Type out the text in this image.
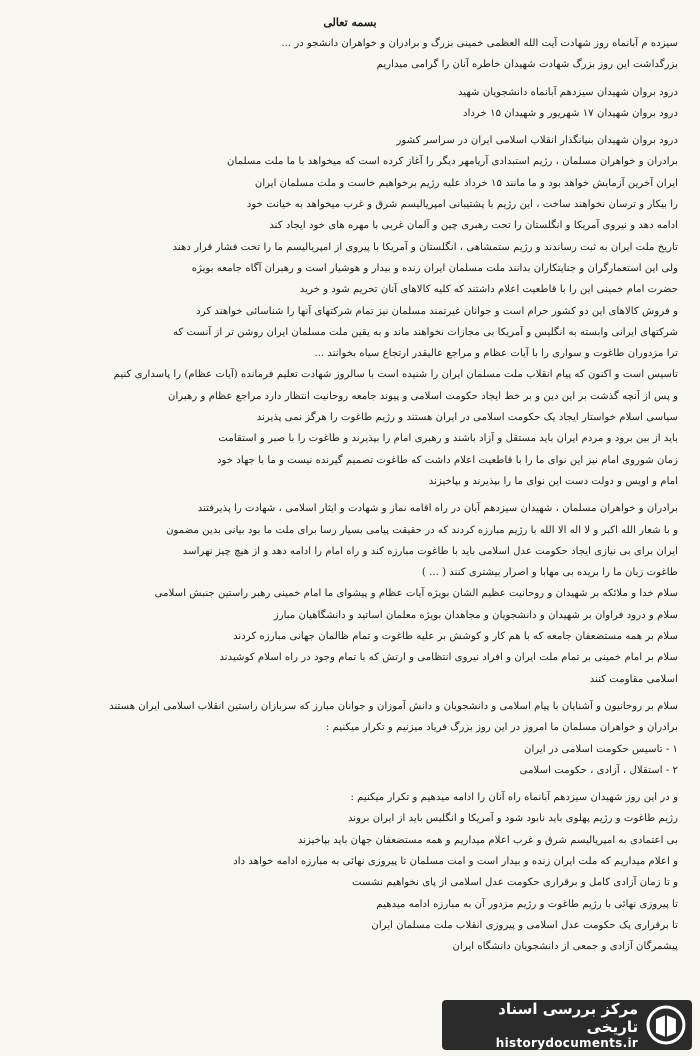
بسمه تعالی
سیزده م آبانماه روز شهادت آیت الله العظمی خمینی بزرگ و برادران و خواهران دانشجو در ...
بزرگداشت این روز بزرگ شهادت شهیدان خاطره آنان را گرامی میداریم
درود بروان شهیدان سیزدهم آبانماه دانشجویان شهید
درود بروان شهیدان ۱۷ شهریور و شهیدان ۱۵ خرداد
درود بروان شهیدان بنیانگذار انقلاب اسلامی ایران در سراسر کشور
برادران و خواهران مسلمان ، رژیم استبدادی آریامهر دیگر را آغاز کرده است که میخواهد با ما ملت مسلمان
ایران آخرین آزمایش خواهد بود و ما مانند ۱۵ خرداد علیه رژیم برخواهیم خاست و ملت مسلمان ایران
را بیکار و ترسان نخواهند ساخت ، این رژیم با پشتیبانی امپریالیسم شرق و غرب میخواهد به خیانت خود
ادامه دهد و نیروی آمریکا و انگلستان را تحت رهبری چین و آلمان غربی با مهره های خود ایجاد کند
تاریخ ملت ایران به ثبت رساندند و رژیم ستمشاهی ، انگلستان و آمریکا با پیروی از امپریالیسم ما را تحت فشار قرار دهند
ولی این استعمارگران و جنایتکاران بدانند ملت مسلمان ایران زنده و بیدار و هوشیار است و رهبران آگاه جامعه بویژه
حضرت امام خمینی این را با قاطعیت اعلام داشتند که کلیه کالاهای آنان تحریم شود و خرید
و فروش کالاهای این دو کشور حرام است و جوانان غیرتمند مسلمان نیز تمام شرکتهای آنها را شناسائی خواهند کرد
شرکتهای ایرانی وابسته به انگلیس و آمریکا بی مجازات نخواهند ماند و به یقین ملت مسلمان ایران روشن تر از آنست که
ترا مزدوران طاغوت و سواری را با آیات عظام و مراجع عالیقدر ارتجاع سیاه بخوانند ...
تاسیس است و اکنون که پیام انقلاب ملت مسلمان ایران را شنیده است با سالروز شهادت تعلیم فرمانده (آیات عظام) را پاسداری کنیم
و پس از آنچه گذشت بر این دین و بر خط ایجاد حکومت اسلامی و پیوند جامعه روحانیت انتظار دارد مراجع عظام و رهبران
سیاسی اسلام خواستار ایجاد یک حکومت اسلامی در ایران هستند و رژیم طاغوت را هرگز نمی پذیرند
باید از بین برود و مردم ایران باید مستقل و آزاد باشند و رهبری امام را بپذیرند و طاغوت را با صبر و استقامت
زمان شوروی امام نیز این نوای ما را با قاطعیت اعلام داشت که طاغوت تصمیم گیرنده نیست و ما با جهاد خود
امام و اویس و دولت دست این نوای ما را بپذیرند و بپاخیزند
برادران و خواهران مسلمان ، شهیدان سیزدهم آبان در راه اقامه نماز و شهادت و ایثار اسلامی ، شهادت را پذیرفتند
و با شعار الله اکبر و لا اله الا الله با رژیم مبارزه کردند که در حقیقت پیامی بسیار رسا برای ملت ما بود بیانی بدین مضمون
ایران برای بی نیازی ایجاد حکومت عدل اسلامی باید با طاغوت مبارزه کند و راه امام را ادامه دهد و از هیچ چیز نهراسد
طاغوت زبان ما را بریده بی مهابا و اصرار بیشتری کنند ( ... )
سلام خدا و ملائکه بر شهیدان و روحانیت عظیم الشان بویژه آیات عظام و پیشوای ما امام خمینی رهبر راستین جنبش اسلامی
سلام و درود فراوان بر شهیدان و دانشجویان و مجاهدان بویژه معلمان اساتید و دانشگاهیان مبارز
سلام بر همه مستضعفان جامعه که با هم کار و کوشش بر علیه طاغوت و تمام ظالمان جهانی مبارزه کردند
سلام بر امام خمینی بر تمام ملت ایران و افراد نیروی انتظامی و ارتش که با تمام وجود در راه اسلام کوشیدند
اسلامی مقاومت کنند
سلام بر روحانیون و آشنایان با پیام اسلامی و دانشجویان و دانش آموزان و جوانان مبارز که سربازان راستین انقلاب اسلامی ایران هستند
برادران و خواهران مسلمان ما امروز در این روز بزرگ فریاد میزنیم و تکرار میکنیم :
۱ - تاسیس حکومت اسلامی در ایران
۲ - استقلال ، آزادی ، حکومت اسلامی
و در این روز شهیدان سیزدهم آبانماه راه آنان را ادامه میدهیم و تکرار میکنیم :
رژیم طاغوت و رژیم پهلوی باید نابود شود و آمریکا و انگلیس باید از ایران بروند
بی اعتمادی به امپریالیسم شرق و غرب اعلام میداریم و همه مستضعفان جهان باید بپاخیزند
و اعلام میداریم که ملت ایران زنده و بیدار است و امت مسلمان تا پیروزی نهائی به مبارزه ادامه خواهد داد
و تا زمان آزادی کامل و برقراری حکومت عدل اسلامی از پای نخواهیم نشست
تا پیروزی نهائی با رژیم طاغوت و رژیم مزدور آن به مبارزه ادامه میدهیم
تا برقراری یک حکومت عدل اسلامی و پیروزی انقلاب ملت مسلمان ایران
پیشمرگان آزادی و جمعی از دانشجویان دانشگاه ایران
مرکز بررسی اسناد تاریخی
historydocuments.ir
